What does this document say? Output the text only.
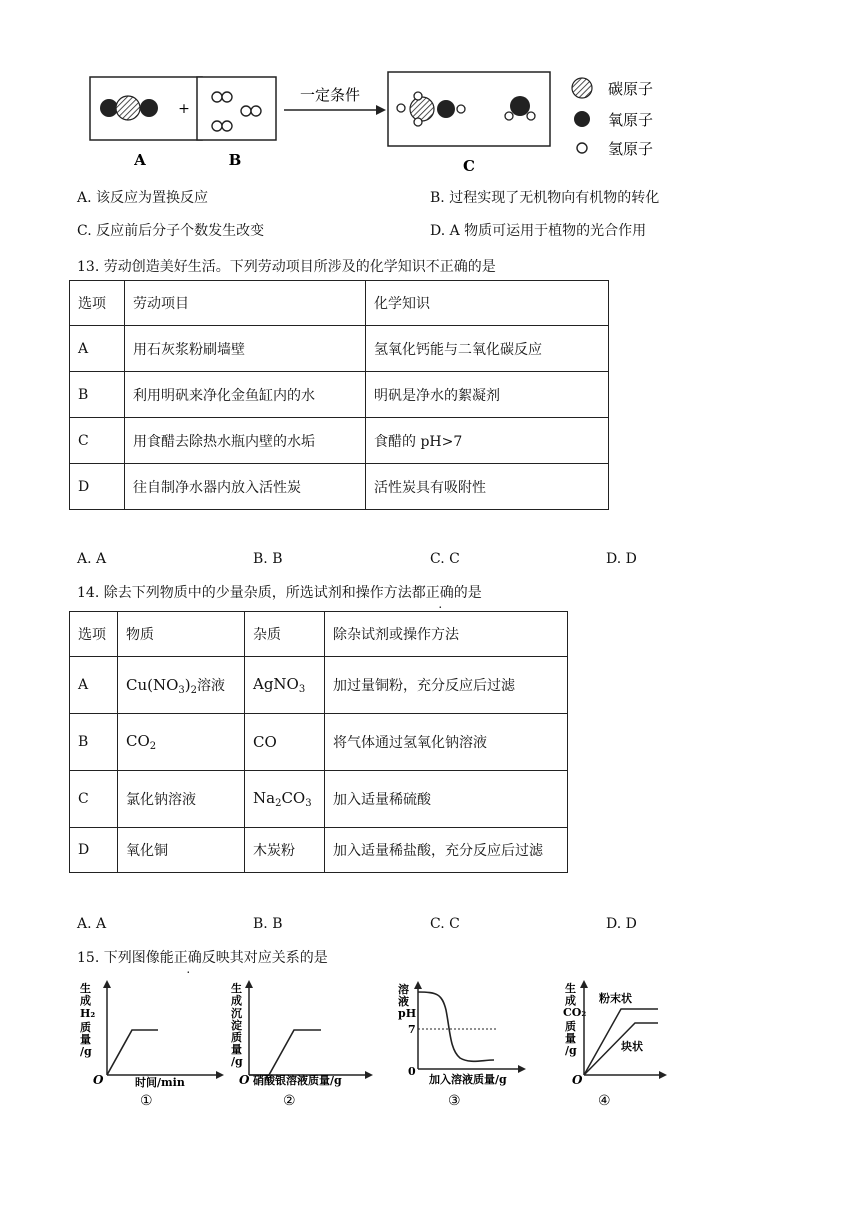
A
+
B
一定条件
C
碳原子
氧原子
氢原子
A. 该反应为置换反应	B. 过程实现了无机物向有机物的转化
C. 反应前后分子个数发生改变	D. A 物质可运用于植物的光合作用
13. 劳动创造美好生活。下列劳动项目所涉及的化学知识不正确的是
选项	劳动项目	化学知识
A	用石灰浆粉刷墙壁	氢氧化钙能与二氧化碳反应
B	利用明矾来净化金鱼缸内的水	明矾是净水的絮凝剂
C	用食醋去除热水瓶内壁的水垢	食醋的 pH>7
D	往自制净水器内放入活性炭	活性炭具有吸附性
A. A	B. B	C. C	D. D
14. 除去下列物质中的少量杂质，所选试剂和操作方法都正确的是
选项	物质	杂质	除杂试剂或操作方法
A	$Cu(NO_3)_2$溶液	AgNO$_3$	加过量铜粉，充分反应后过滤
B	$CO_2$	CO	将气体通过氢氧化钠溶液
C	氯化钠溶液	$Na_2CO_3$	加入适量稀硫酸
D	氧化铜	木炭粉	加入适量稀盐酸，充分反应后过滤
A. A	B. B	C. C	D. D
15. 下列图像能正确反映其对应关系的是
生
成
H₂
质
量
/g
O	时间/min
①
生
成
沉
淀
质
量
/g
O 硝酸银溶液质量/g
②
溶
液
pH
7
0
加入溶液质量/g
③
生
成
CO₂
质
量
/g
粉末状
块状
O
④
